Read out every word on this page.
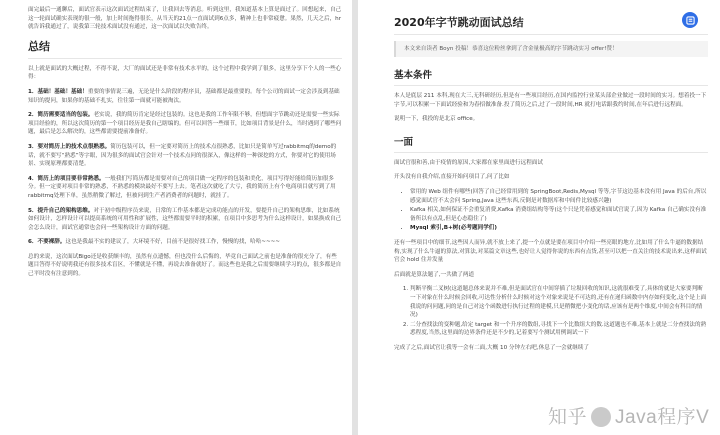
面完最后一通聊后，面试官表示这次面试过程结束了，让我回去等消息。听到这里，我知道基本上算是面过了。回想起来，自己这一轮面试确实表现的很一般，加上时间拖得很长，从当天的21点一直面试到6点多，精神上也非常疲惫。果然，几天之后，hr就告诉我通过了，说我第三轮技术面试没有通过，这一次面试以失败告终。

总结

以上就是面试的大概过程，不得不说，大厂的面试还是非常有技术水平的，这个过程中我学到了很多，这里分享下个人的一些心得：

1．基础！基础！基础！重要的事情说三遍，无论是什么阶段的程序员，基础都是最重要的。每个公司的面试一定会涉及到基础知识的提问，如果你的基础不扎实，往往第一面就可能被淘汰。

2．简历需要适当的包装。老实说，我的简历肯定是经过包装的。这也是我的工作年限不够，但想面字节跳动还是需要一些实际项目经验的，所以这次简历的第一个项目经历是我自己瞎编的。但可以回答一些细节，比如项目背景是什么，当时遇到了哪些问题，最后是怎么解决的，这些都需要提前准备好。

3．要对简历上的技术点很熟悉。简历包装可以，但一定要对简历上的技术点很熟悉，比如只是简单写过rabbitmq的demo的话，就不要写“熟悉”等字眼，因为很多的面试官会针对一个技术点问的很深入，像这样的一种深挖的方式，你要对它的使用场景、实现原理都要清楚。

4．简历上的项目要非常熟悉。一般我们写简历都是需要对自己的项目做一定程序的包装和美化，项目写得好能给简历加很多分。但一定要对项目非常的熟悉，不熟悉的模块最好不要写上去。笔者这次就吃了大亏，我的简历上有个电商项目就写到了用rabbitmq处理下单，虽然稍微了解过，但被问到生产者消费者的问题时，就挂了。

5．提升自己的架构思维。对于初中级程序员来说，日常的工作基本都是完成功能点的开发，要提升自己的架构思维，比如系统如何设计，怎样设计可以提高系统的可用性和扩展性，这些都需要平时的积累，在项目中多思考为什么这样设计，如果换成自己会怎么设计，面试官通常也会问一些架构设计方面的问题。

6．不要裸辞。这也是我最不实的建议了，大环境不好，目前不是很好找工作，慢慢的找，哈哈~~~~

总的来说，这次面试Bigo还是收获颇丰的，虽然有点遗憾，但也没什么后悔的，毕竟自己面试之前也是准备的很充分了，有些题目答得不好说明我还有很多技术盲区，不懂就是不懂，再说去准备就好了。而这些也是我之后需要继续学习的点，很多都是自己平时没有注意到的。

2020年字节跳动面试总结
本文来自读者 Boyn 投稿！恭喜这位粉丝拿到了含金量极高的字节跳动实习 offer!赞！
基本条件

本人是底层 211 本科,现在大三,无科研经历,但是有一些项目经历,在国内监控行业某头部企业做过一段时间的实习。想着投一下字节,可以积累一下面试经验和为春招做准备.投了简历之后,过了一段时间,HR 就打电话跟我约时间,在年后进行远程面。

说明一下，我投的是北京 office。

一面

面试官很和善,由于疫情的原因,大家都在家里面进行远程面试

开头没有自我介绍,直接开始问项目了,问了比如

• 常用的 Web 组件有哪些(回答了自己经常用到的 SpringBoot,Redis,Mysql 等等,字节这边基本没有用 Java 的后台,所以感觉面试官不太会问 Spring,Java 这些东西,反倒是对数据库和中间件比较感兴趣)
• Kafka 相关,如何保证不会重复消费,Kafka 消费组结构等等(这个只是凭着感觉和面试官说了,因为 Kafka 自己确实没有准备所以有点乱,但是心态稳住了)
• Mysql 索引,B+树(必考题同学们)

还有一些项目中的细节,这些因人而异,就不放上来了,提一个点就是要在项目中介绍一些亮眼的地方,比如用了什么牛逼的数据结构,实现了什么牛逼的算法,对算法,对某篇文章这些,也好让人觉得你说的东西有点货,甚至可以把一直关注的技术说出来,这样面试官会 hold 住并发量

后面就是算法题了,一共做了两道

1. 判断平衡二叉树(这道题总体来说并不难,但是面试官在中间穿插了垃圾回收的知识,这就很难受了,具体的就是大家要判断一下对象在什么时候会回收,可达性分析什么时候对这个对象来说是不可达的,还有在递归函数中内存如何变化,这个是上面我说的问问题,问的是自己对这个函数进行执行过程的建模,只是稍微把小变化的话,应该有是两个维度,中间会有科目的情况)
2. 二分查找法的变种题,给定 target 和一个升序的数组,寻找下一个比数组大的数.这道题也不难,基本上就是二分查找法的熟悉程度,当然,这里面的边界条件还是不少的,记着要写个测试用例调试一下

完成了之后,面试官让我等一会有二面,大概 10 分钟左右吧,休息了一会就继续了

知乎 Java程序V
